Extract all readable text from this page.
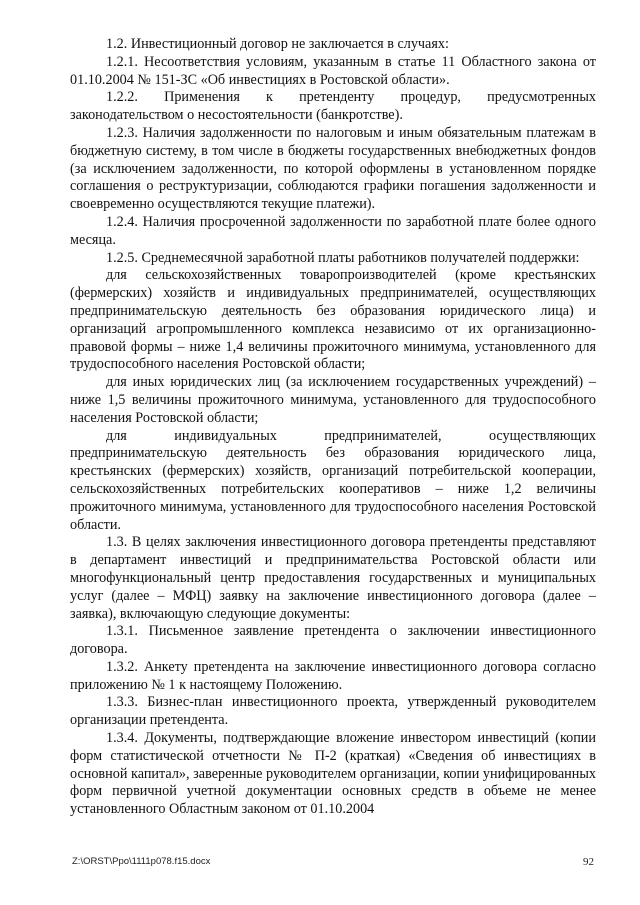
1.2. Инвестиционный договор не заключается в случаях:

1.2.1. Несоответствия условиям, указанным в статье 11 Областного закона от 01.10.2004 № 151-ЗС «Об инвестициях в Ростовской области».

1.2.2. Применения к претенденту процедур, предусмотренных законодательством о несостоятельности (банкротстве).

1.2.3. Наличия задолженности по налоговым и иным обязательным платежам в бюджетную систему, в том числе в бюджеты государственных внебюджетных фондов (за исключением задолженности, по которой оформлены в установленном порядке соглашения о реструктуризации, соблюдаются графики погашения задолженности и своевременно осуществляются текущие платежи).

1.2.4. Наличия просроченной задолженности по заработной плате более одного месяца.

1.2.5. Среднемесячной заработной платы работников получателей поддержки:

для сельскохозяйственных товаропроизводителей (кроме крестьянских (фермерских) хозяйств и индивидуальных предпринимателей, осуществляющих предпринимательскую деятельность без образования юридического лица) и организаций агропромышленного комплекса независимо от их организационно-правовой формы – ниже 1,4 величины прожиточного минимума, установленного для трудоспособного населения Ростовской области;

для иных юридических лиц (за исключением государственных учреждений) – ниже 1,5 величины прожиточного минимума, установленного для трудоспособного населения Ростовской области;

для индивидуальных предпринимателей, осуществляющих предпринимательскую деятельность без образования юридического лица, крестьянских (фермерских) хозяйств, организаций потребительской кооперации, сельскохозяйственных потребительских кооперативов – ниже 1,2 величины прожиточного минимума, установленного для трудоспособного населения Ростовской области.

1.3. В целях заключения инвестиционного договора претенденты представляют в департамент инвестиций и предпринимательства Ростовской области или многофункциональный центр предоставления государственных и муниципальных услуг (далее – МФЦ) заявку на заключение инвестиционного договора (далее – заявка), включающую следующие документы:

1.3.1. Письменное заявление претендента о заключении инвестиционного договора.

1.3.2. Анкету претендента на заключение инвестиционного договора согласно приложению № 1 к настоящему Положению.

1.3.3. Бизнес-план инвестиционного проекта, утвержденный руководителем организации претендента.

1.3.4. Документы, подтверждающие вложение инвестором инвестиций (копии форм статистической отчетности № П-2 (краткая) «Сведения об инвестициях в основной капитал», заверенные руководителем организации, копии унифицированных форм первичной учетной документации основных средств в объеме не менее установленного Областным законом от 01.10.2004

Z:\ORST\Ppo\1111p078.f15.docx	92
